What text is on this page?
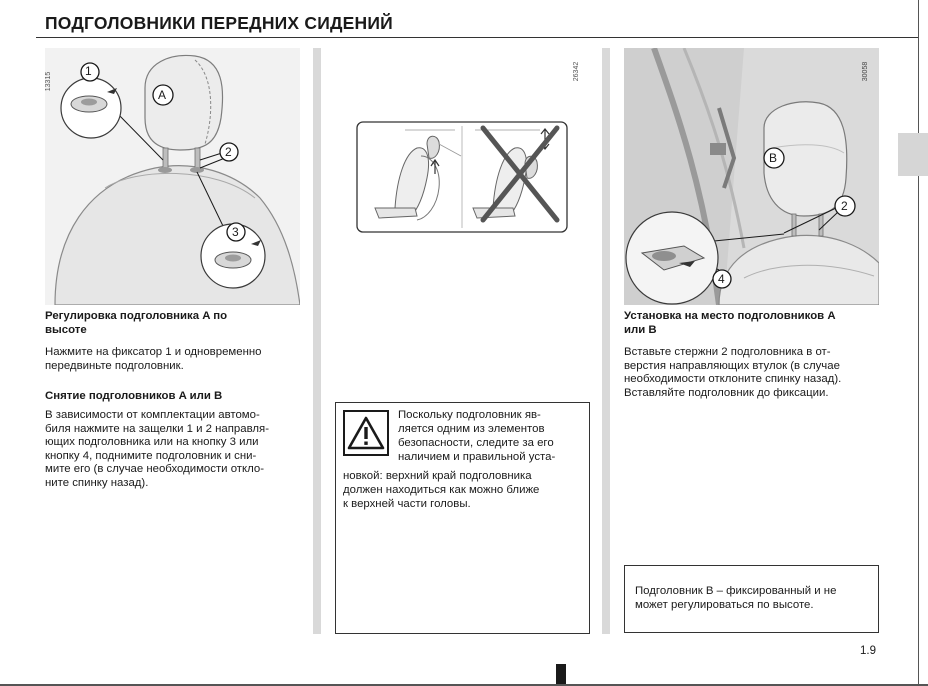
ПОДГОЛОВНИКИ ПЕРЕДНИХ СИДЕНИЙ
1
A
2
3
13315
26342
B
2
4
30058
Регулировка подголовника A по
высоте
Нажмите на фиксатор 1 и одновременно
передвиньте подголовник.
Снятие подголовников A или B
В зависимости от комплектации автомо-
биля нажмите на защелки 1 и 2 направля-
ющих подголовника или на кнопку 3 или
кнопку 4, поднимите подголовник и сни-
мите его (в случае необходимости откло-
ните спинку назад).
Поскольку подголовник яв-
ляется одним из элементов
безопасности, следите за его
наличием и правильной уста-
новкой: верхний край подголовника
должен находиться как можно ближе
к верхней части головы.
Установка на место подголовников A
или B
Вставьте стержни 2 подголовника в от-
верстия направляющих втулок (в случае
необходимости отклоните спинку назад).
Вставляйте подголовник до фиксации.
Подголовник B – фиксированный и не
может регулироваться по высоте.
1.9
